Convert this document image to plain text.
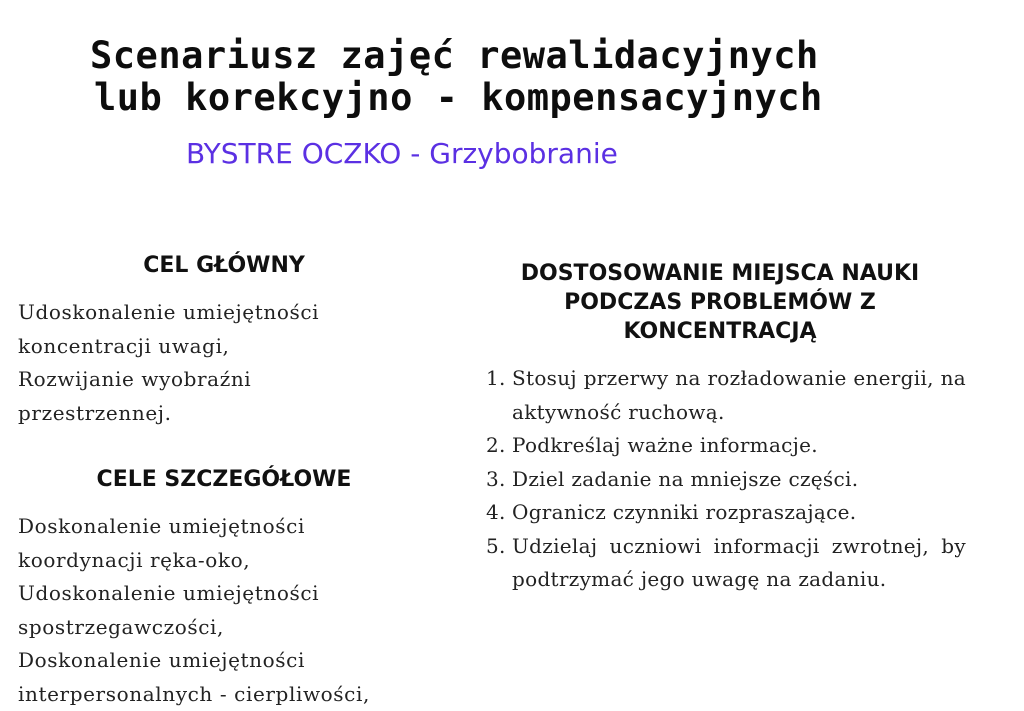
Scenariusz zajęć rewalidacyjnych
lub korekcyjno - kompensacyjnych
BYSTRE OCZKO - Grzybobranie
CEL GŁÓWNY
Udoskonalenie umiejętności
koncentracji uwagi,
Rozwijanie wyobraźni
przestrzennej.
CELE SZCZEGÓŁOWE
Doskonalenie umiejętności
koordynacji ręka-oko,
Udoskonalenie umiejętności
spostrzegawczości,
Doskonalenie umiejętności
interpersonalnych - cierpliwości,
DOSTOSOWANIE MIEJSCA NAUKI PODCZAS PROBLEMÓW Z KONCENTRACJĄ
1. Stosuj przerwy na rozładowanie energii, na aktywność ruchową.
2. Podkreślaj ważne informacje.
3. Dziel zadanie na mniejsze części.
4. Ogranicz czynniki rozpraszające.
5. Udzielaj uczniowi informacji zwrotnej, by podtrzymać jego uwagę na zadaniu.
